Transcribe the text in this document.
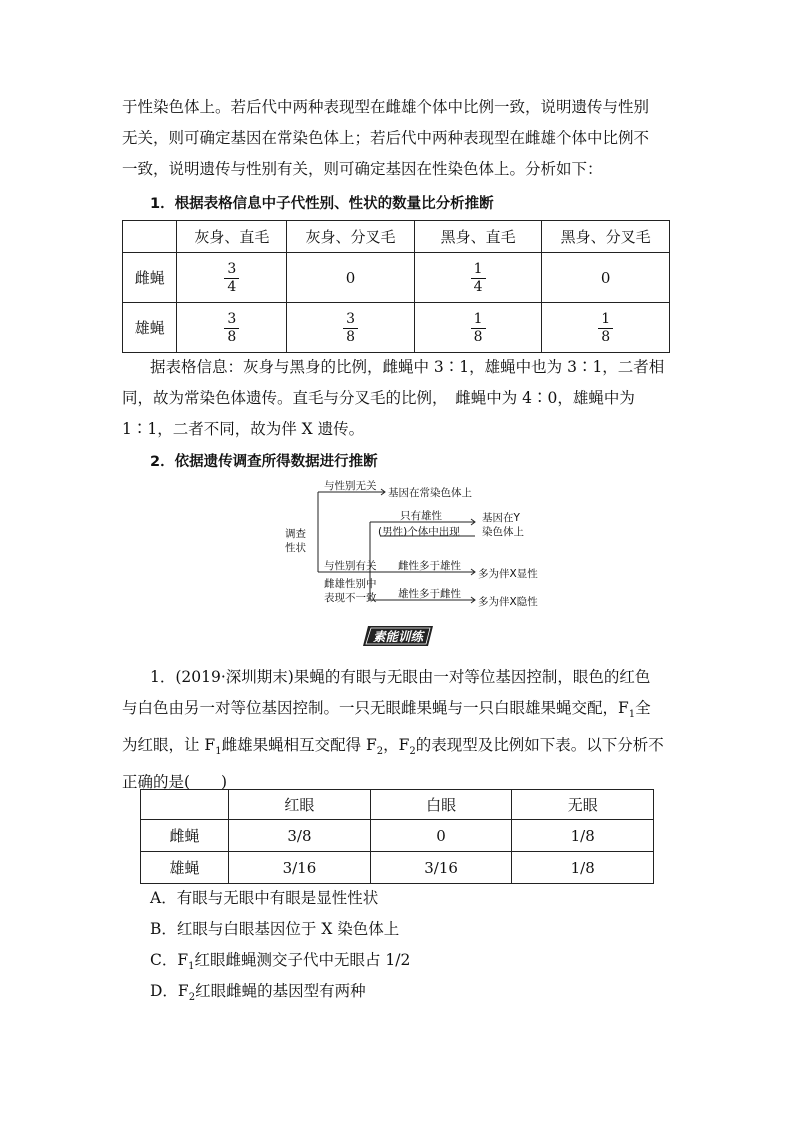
于性染色体上。若后代中两种表现型在雌雄个体中比例一致，说明遗传与性别
无关，则可确定基因在常染色体上；若后代中两种表现型在雌雄个体中比例不
一致，说明遗传与性别有关，则可确定基因在性染色体上。分析如下：
1．根据表格信息中子代性别、性状的数量比分析推断
	灰身、直毛	灰身、分叉毛	黑身、直毛	黑身、分叉毛
雌蝇	$\frac{3}{4}$	0	$\frac{1}{4}$	0
雄蝇	$\frac{3}{8}$	$\frac{3}{8}$	$\frac{1}{8}$	$\frac{1}{8}$
据表格信息：灰身与黑身的比例，雌蝇中 3∶1，雄蝇中也为 3∶1，二者相
同，故为常染色体遗传。直毛与分叉毛的比例，　雌蝇中为 4∶0，雄蝇中为
1∶1，二者不同，故为伴 X 遗传。
2．依据遗传调查所得数据进行推断
调查
性状
与性别无关
基因在常染色体上
与性别有关
雌雄性别中
表现不一致
只有雄性
(男性)个体中出现
基因在Y
染色体上
雌性多于雄性
多为伴X显性
雄性多于雌性
多为伴X隐性
素能训练
1．(2019·深圳期末)果蝇的有眼与无眼由一对等位基因控制，眼色的红色
与白色由另一对等位基因控制。一只无眼雌果蝇与一只白眼雄果蝇交配，$F_1$全
为红眼，让 $F_1$雌雄果蝇相互交配得 $F_2$，$F_2$的表现型及比例如下表。以下分析不
正确的是(　　)
	红眼	白眼	无眼
雌蝇	3/8	0	1/8
雄蝇	3/16	3/16	1/8
A．有眼与无眼中有眼是显性性状
B．红眼与白眼基因位于 X 染色体上
C．$F_1$红眼雌蝇测交子代中无眼占 1/2
D．$F_2$红眼雌蝇的基因型有两种
